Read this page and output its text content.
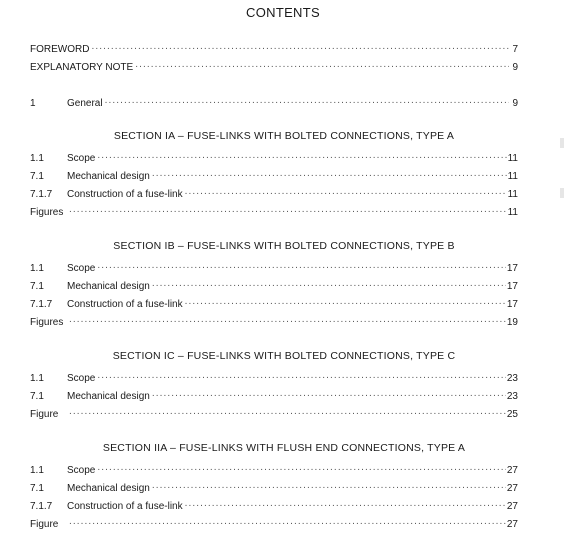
CONTENTS
FOREWORD .....	7
EXPLANATORY NOTE .....	9
1	General .....	9
SECTION IA – FUSE-LINKS WITH BOLTED CONNECTIONS, TYPE A
1.1	Scope .....	11
7.1	Mechanical design .....	11
7.1.7	Construction of a fuse-link .....	11
Figures .....	11
SECTION IB – FUSE-LINKS WITH BOLTED CONNECTIONS, TYPE B
1.1	Scope .....	17
7.1	Mechanical design .....	17
7.1.7	Construction of a fuse-link .....	17
Figures .....	19
SECTION IC – FUSE-LINKS WITH BOLTED CONNECTIONS, TYPE C
1.1	Scope .....	23
7.1	Mechanical design .....	23
Figure .....	25
SECTION IIA – FUSE-LINKS WITH FLUSH END CONNECTIONS, TYPE A
1.1	Scope .....	27
7.1	Mechanical design .....	27
7.1.7	Construction of a fuse-link .....	27
Figure .....	27
